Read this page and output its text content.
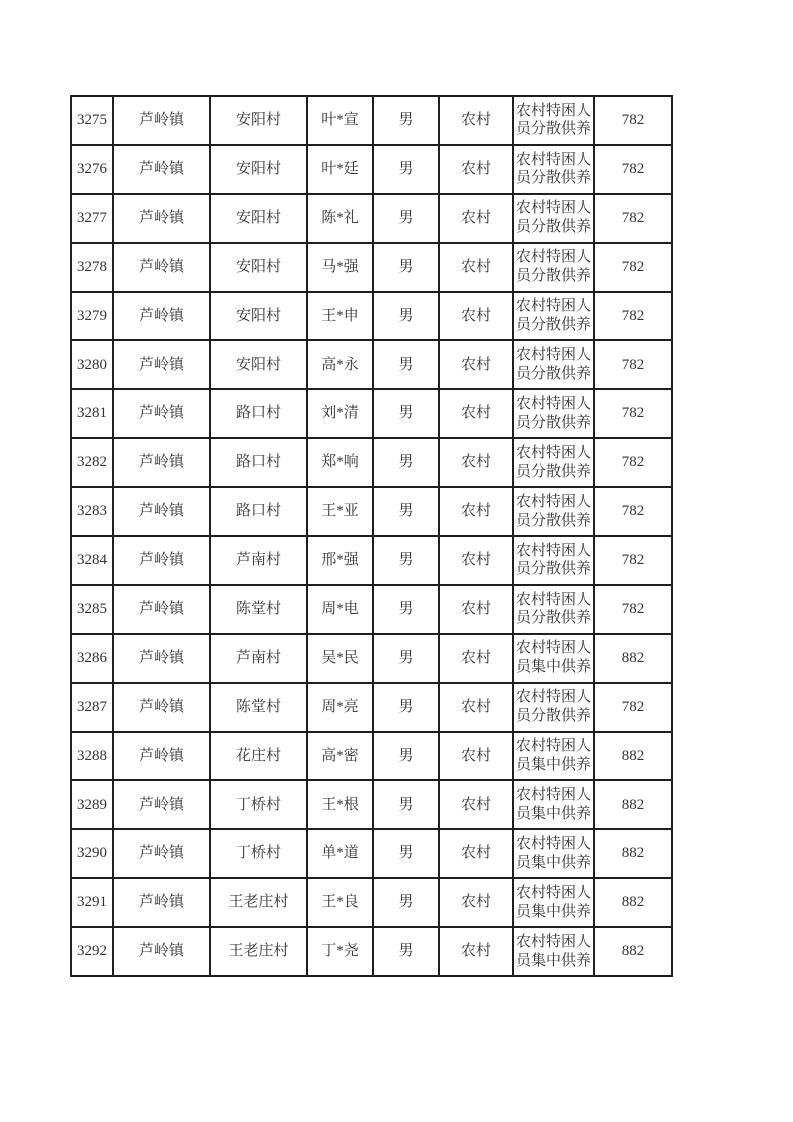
3275	芦岭镇	安阳村	叶*宣	男	农村	农村特困人员分散供养	782
3276	芦岭镇	安阳村	叶*廷	男	农村	农村特困人员分散供养	782
3277	芦岭镇	安阳村	陈*礼	男	农村	农村特困人员分散供养	782
3278	芦岭镇	安阳村	马*强	男	农村	农村特困人员分散供养	782
3279	芦岭镇	安阳村	王*申	男	农村	农村特困人员分散供养	782
3280	芦岭镇	安阳村	高*永	男	农村	农村特困人员分散供养	782
3281	芦岭镇	路口村	刘*清	男	农村	农村特困人员分散供养	782
3282	芦岭镇	路口村	郑*响	男	农村	农村特困人员分散供养	782
3283	芦岭镇	路口村	王*亚	男	农村	农村特困人员分散供养	782
3284	芦岭镇	芦南村	邢*强	男	农村	农村特困人员分散供养	782
3285	芦岭镇	陈堂村	周*电	男	农村	农村特困人员分散供养	782
3286	芦岭镇	芦南村	吴*民	男	农村	农村特困人员集中供养	882
3287	芦岭镇	陈堂村	周*亮	男	农村	农村特困人员分散供养	782
3288	芦岭镇	花庄村	高*密	男	农村	农村特困人员集中供养	882
3289	芦岭镇	丁桥村	王*根	男	农村	农村特困人员集中供养	882
3290	芦岭镇	丁桥村	单*道	男	农村	农村特困人员集中供养	882
3291	芦岭镇	王老庄村	王*良	男	农村	农村特困人员集中供养	882
3292	芦岭镇	王老庄村	丁*尧	男	农村	农村特困人员集中供养	882
